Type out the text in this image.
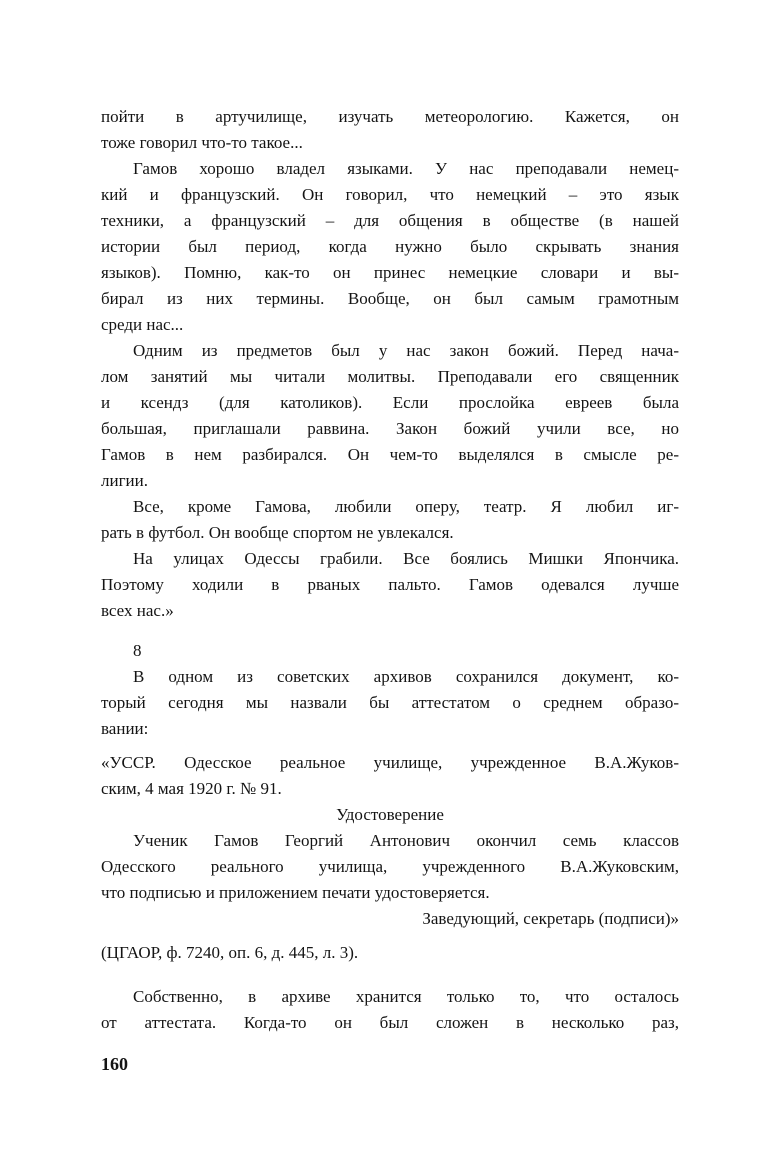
пойти в артучилище, изучать метеорологию. Кажется, он
тоже говорил что-то такое...
Гамов хорошо владел языками. У нас преподавали немец-
кий и французский. Он говорил, что немецкий – это язык
техники, а французский – для общения в обществе (в нашей
истории был период, когда нужно было скрывать знания
языков). Помню, как-то он принес немецкие словари и вы-
бирал из них термины. Вообще, он был самым грамотным
среди нас...
Одним из предметов был у нас закон божий. Перед нача-
лом занятий мы читали молитвы. Преподавали его священник
и ксендз (для католиков). Если прослойка евреев была
большая, приглашали раввина. Закон божий учили все, но
Гамов в нем разбирался. Он чем-то выделялся в смысле ре-
лигии.
Все, кроме Гамова, любили оперу, театр. Я любил иг-
рать в футбол. Он вообще спортом не увлекался.
На улицах Одессы грабили. Все боялись Мишки Япончика.
Поэтому ходили в рваных пальто. Гамов одевался лучше
всех нас.»
8
В одном из советских архивов сохранился документ, ко-
торый сегодня мы назвали бы аттестатом о среднем образо-
вании:
«УССР. Одесское реальное училище, учрежденное В.А.Жуков-
ским, 4 мая 1920 г. № 91.
Удостоверение
Ученик Гамов Георгий Антонович окончил семь классов
Одесского реального училища, учрежденного В.А.Жуковским,
что подписью и приложением печати удостоверяется.
Заведующий, секретарь (подписи)»
(ЦГАОР, ф. 7240, оп. 6, д. 445, л. 3).
Собственно, в архиве хранится только то, что осталось
от аттестата. Когда-то он был сложен в несколько раз,
160
